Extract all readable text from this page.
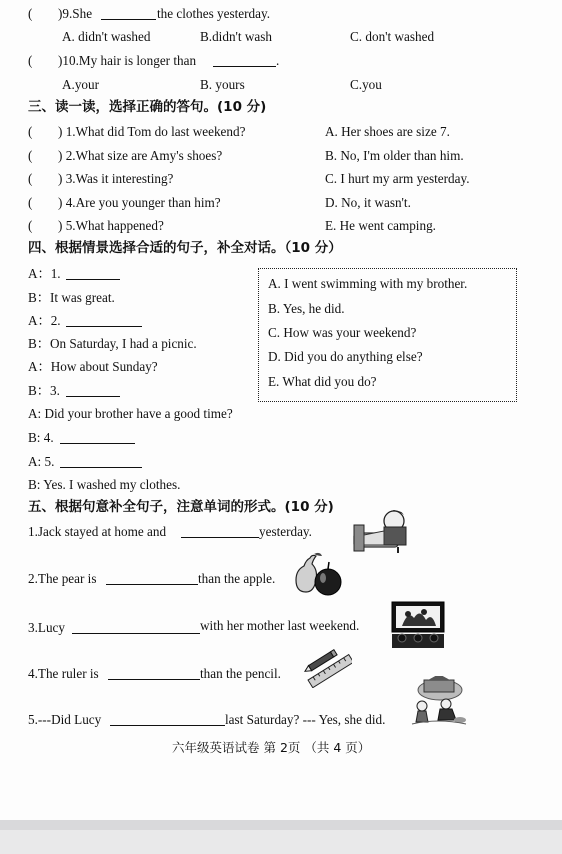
( )9.She	the clothes yesterday.
A. didn't washed	B.didn't wash	C. don't washed
( )10.My hair is longer than	.
A.your	B. yours	C.you
三、读一读，选择正确的答句。(10 分)
( ) 1.What did Tom do last weekend?	A. Her shoes are size 7.
( ) 2.What size are Amy's shoes?	B. No, I'm older than him.
( ) 3.Was it interesting?	C. I hurt my arm yesterday.
( ) 4.Are you younger than him?	D. No, it wasn't.
( ) 5.What happened?	E. He went camping.
四、根据情景选择合适的句子，补全对话。（10 分）
A：1.
B：It was great.
A：2.
B：On Saturday, I had a picnic.
A：How about Sunday?
B：3.
A: Did your brother have a good time?
B: 4.
A: 5.
B: Yes. I washed my clothes.
A. I went swimming with my brother.
B. Yes, he did.
C. How was your weekend?
D. Did you do anything else?
E. What did you do?
五、根据句意补全句子，注意单词的形式。(10 分)
1.Jack stayed at home and	yesterday.
2.The pear is	than the apple.
3.Lucy	with her mother last weekend.
4.The ruler is	than the pencil.
5.---Did Lucy	last Saturday? --- Yes, she did.
六年级英语试卷 第 2页 （共 4 页）
